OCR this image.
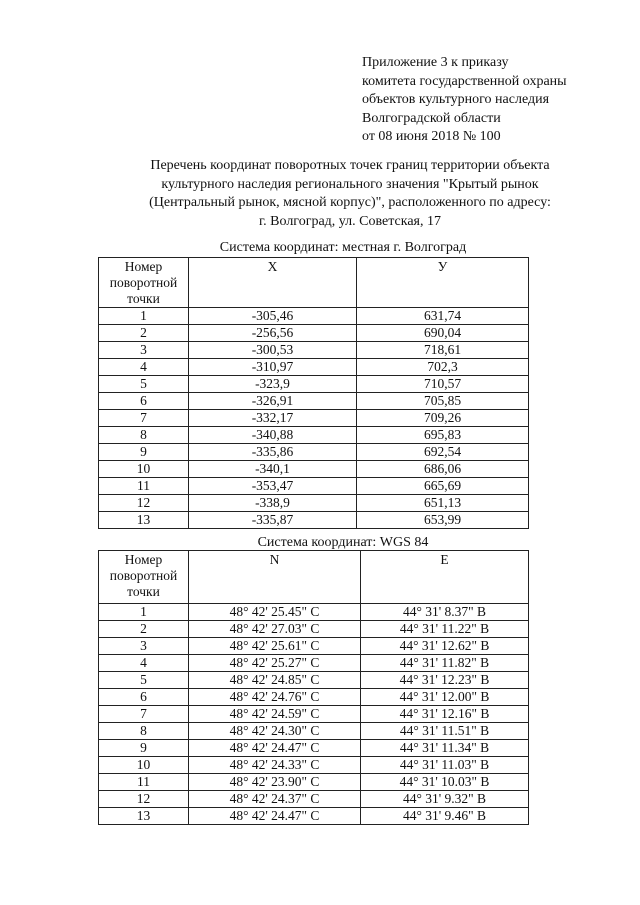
Приложение 3 к приказу
комитета государственной охраны
объектов культурного наследия
Волгоградской области
от 08 июня 2018 № 100
Перечень координат поворотных точек границ территории объекта
культурного наследия регионального значения "Крытый рынок
(Центральный рынок, мясной корпус)", расположенного по адресу:
г. Волгоград, ул. Советская, 17
Система координат: местная г. Волгоград
Номер поворотной точки	X	У
1	-305,46	631,74
2	-256,56	690,04
3	-300,53	718,61
4	-310,97	702,3
5	-323,9	710,57
6	-326,91	705,85
7	-332,17	709,26
8	-340,88	695,83
9	-335,86	692,54
10	-340,1	686,06
11	-353,47	665,69
12	-338,9	651,13
13	-335,87	653,99
Система координат: WGS 84
Номер поворотной точки	N	E
1	48° 42' 25.45" С	44° 31' 8.37" В
2	48° 42' 27.03" С	44° 31' 11.22" В
3	48° 42' 25.61" С	44° 31' 12.62" В
4	48° 42' 25.27" С	44° 31' 11.82" В
5	48° 42' 24.85" С	44° 31' 12.23" В
6	48° 42' 24.76" С	44° 31' 12.00" В
7	48° 42' 24.59" С	44° 31' 12.16" В
8	48° 42' 24.30" С	44° 31' 11.51" В
9	48° 42' 24.47" С	44° 31' 11.34" В
10	48° 42' 24.33" С	44° 31' 11.03" В
11	48° 42' 23.90" С	44° 31' 10.03" В
12	48° 42' 24.37" С	44° 31' 9.32" В
13	48° 42' 24.47" С	44° 31' 9.46" В
